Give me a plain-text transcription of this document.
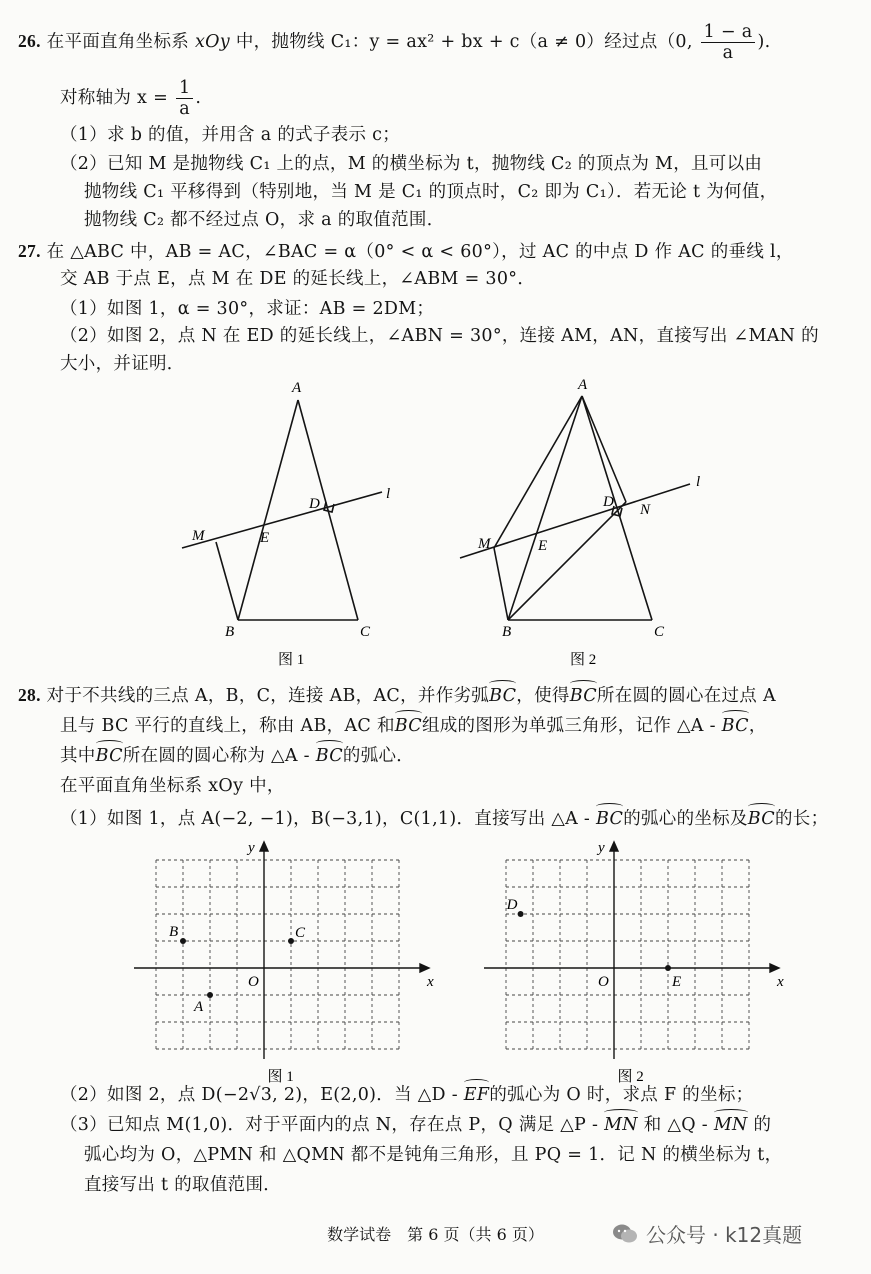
26. 在平面直角坐标系 xOy 中，抛物线 C₁：y = ax² + bx + c（a ≠ 0）经过点（0, $\frac{1 - a}{a}$ ).
对称轴为 $x = \frac{1}{a}$ .
（1）求 b 的值，并用含 a 的式子表示 c；
（2）已知 M 是抛物线 C₁ 上的点，M 的横坐标为 t，抛物线 C₂ 的顶点为 M，且可以由
抛物线 C₁ 平移得到（特别地，当 M 是 C₁ 的顶点时，C₂ 即为 C₁）．若无论 t 为何值，
抛物线 C₂ 都不经过点 O，求 a 的取值范围．
27. 在 △ABC 中，AB = AC，∠BAC = α（0° < α < 60°），过 AC 的中点 D 作 AC 的垂线 l，
交 AB 于点 E，点 M 在 DE 的延长线上，∠ABM = 30°．
（1）如图 1，α = 30°，求证：AB = 2DM；
（2）如图 2，点 N 在 ED 的延长线上，∠ABN = 30°，连接 AM，AN，直接写出 ∠MAN 的
大小，并证明．
A
B	C
D
E
M
l
图 1
A
B	C
D
E
M
N
l
图 2
28. 对于不共线的三点 A，B，C，连接 AB，AC，并作劣弧BC，使得BC所在圆的圆心在过点 A
且与 BC 平行的直线上，称由 AB，AC 和BC组成的图形为单弧三角形，记作 △A - BC，
其中BC所在圆的圆心称为 △A - BC的弧心．
在平面直角坐标系 xOy 中，
（1）如图 1，点 A(−2, −1)，B(−3,1)，C(1,1)．直接写出 △A - BC的弧心的坐标及BC的长；
x
y
O
A
B	C
图 1
x
y
O
D
E
图 2
（2）如图 2，点 D(−2√3, 2)，E(2,0)．当 △D - EF的弧心为 O 时，求点 F 的坐标；
（3）已知点 M(1,0)．对于平面内的点 N，存在点 P，Q 满足 △P - MN 和 △Q - MN 的
弧心均为 O，△PMN 和 △QMN 都不是钝角三角形，且 PQ = 1．记 N 的横坐标为 t，
直接写出 t 的取值范围．
数学试卷　第 6 页（共 6 页）	公众号 · k12真题
